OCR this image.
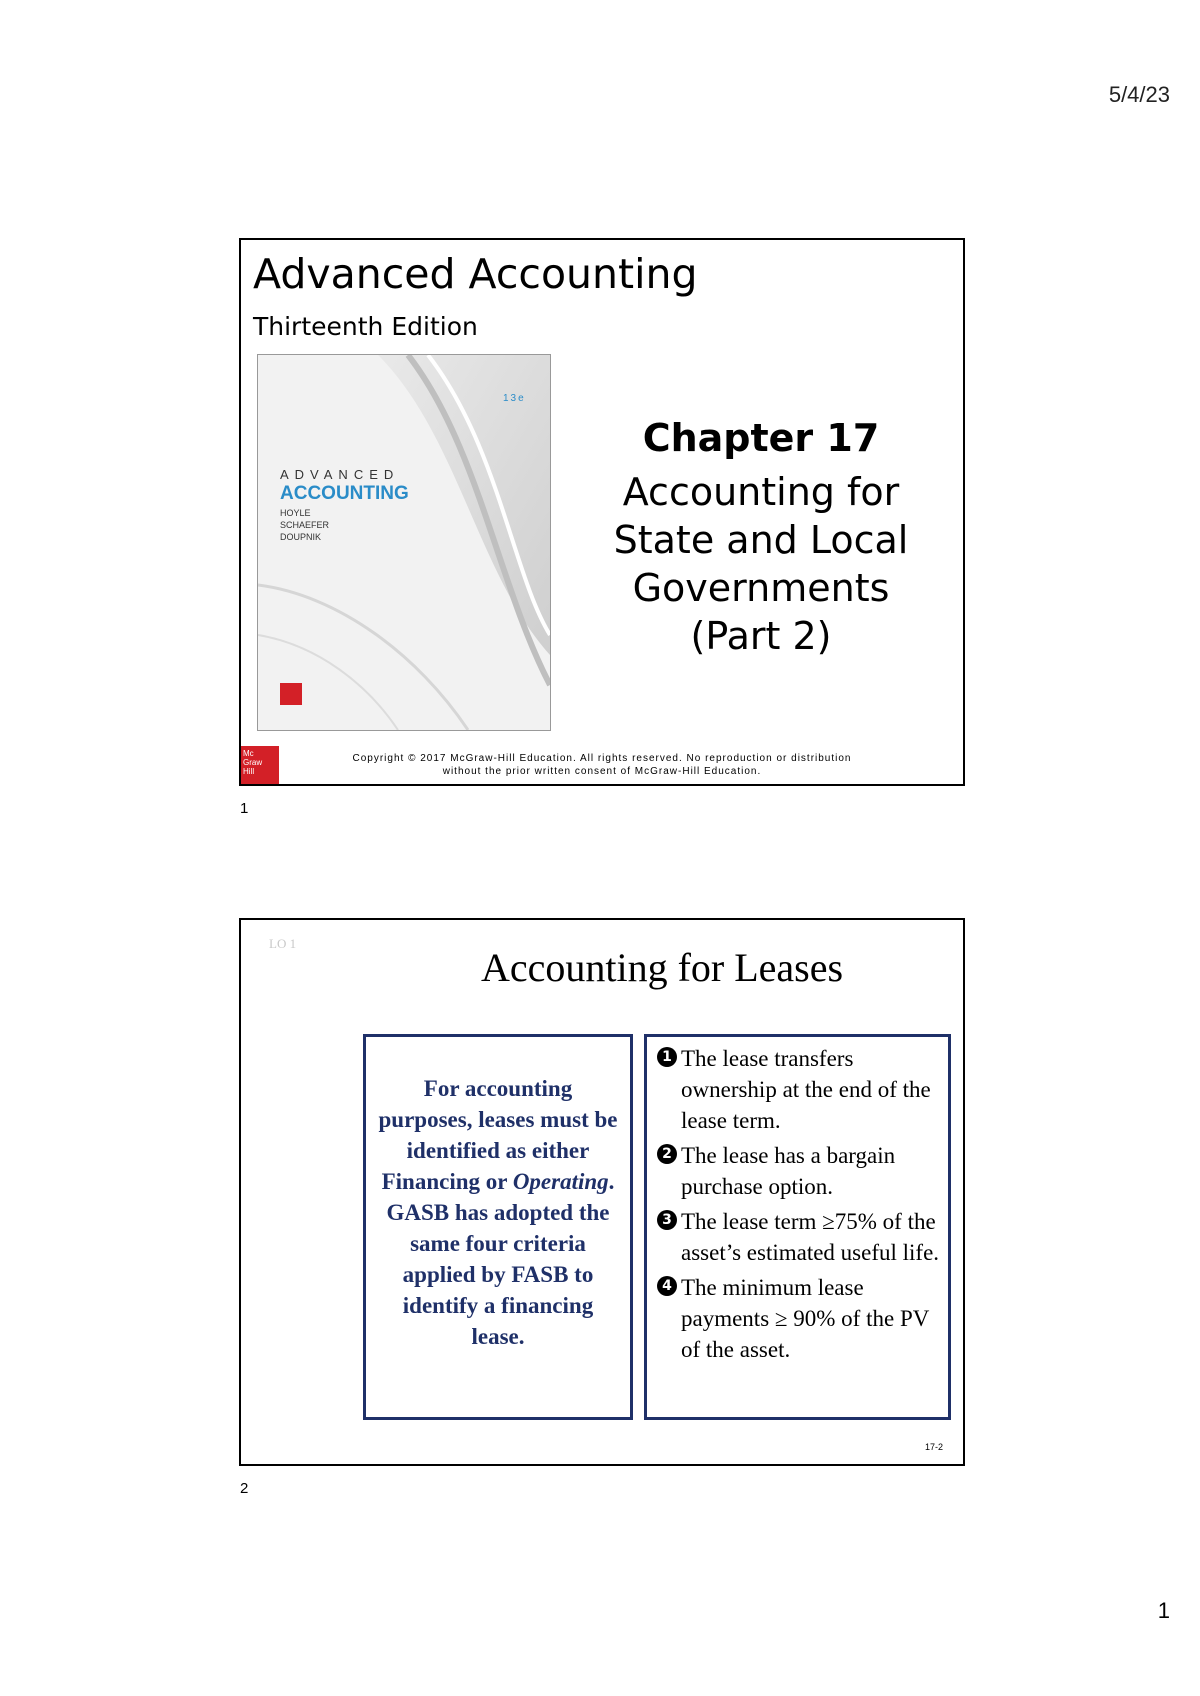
5/4/23
Advanced Accounting
Thirteenth Edition
13e
ADVANCED
ACCOUNTING
HOYLE
SCHAEFER
DOUPNIK
Chapter 17
Accounting for
State and Local
Governments
(Part 2)
Mc
Graw
Hill
Copyright © 2017 McGraw-Hill Education. All rights reserved. No reproduction or distribution
without the prior written consent of McGraw-Hill Education.
1
LO 1
Accounting for Leases
For accounting purposes, leases must be identified as either Financing or Operating.
GASB has adopted the same four criteria applied by FASB to identify a financing lease.
1 The lease transfers ownership at the end of the lease term.
2 The lease has a bargain purchase option.
3 The lease term ≥75% of the asset’s estimated useful life.
4 The minimum lease payments ≥ 90% of the PV of the asset.
17-2
2
1
